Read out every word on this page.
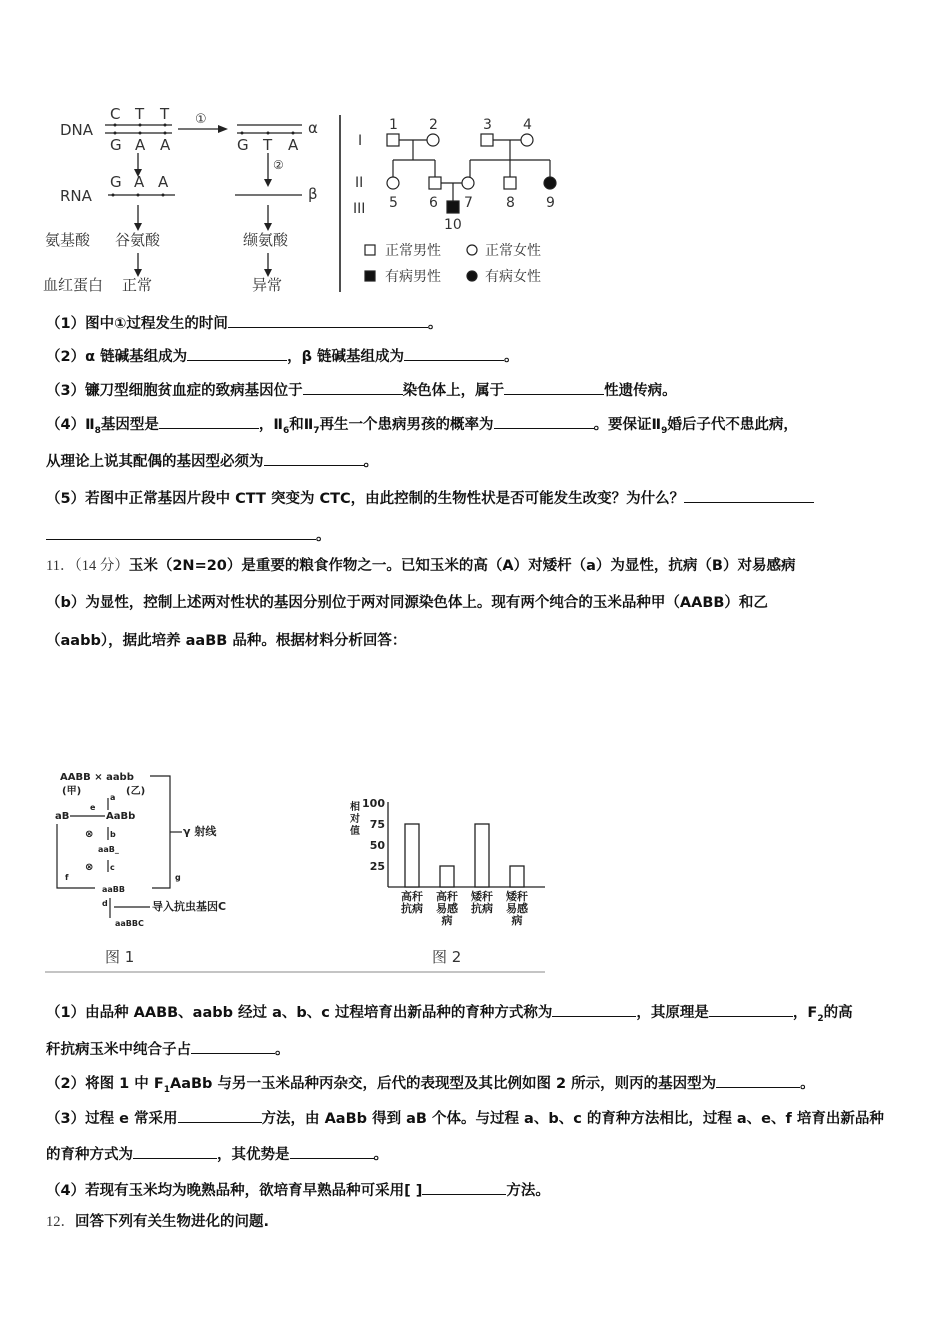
DNA
RNA
C T T
G A A
G A A
G T A
①
②
α
β
氨基酸 谷氨酸	缬氨酸
血红蛋白 正常	异常
I
II
III
1 2	3 4
5 6 7 8 9
10
正常男性	正常女性
有病男性	有病女性
（1）图中①过程发生的时间	。
（2）α 链碱基组成为	，β 链碱基组成为	。
（3）镰刀型细胞贫血症的致病基因位于	染色体上，属于	性遗传病。
$(4)Ⅱ_8$基因型是	，$Ⅱ_6$和$Ⅱ_7$再生一个患病男孩的概率为	。要保证$Ⅱ_9$婚后子代不患此病，
从理论上说其配偶的基因型必须为	。
（5）若图中正常基因片段中 CTT 突变为 CTC，由此控制的生物性状是否可能发生改变？为什么？
。
11．（14 分）玉米（2N=20）是重要的粮食作物之一。已知玉米的高（A）对矮杆（a）为显性，抗病（B）对易感病
（b）为显性，控制上述两对性状的基因分别位于两对同源染色体上。现有两个纯合的玉米品种甲（AABB）和乙
（aabb），据此培养 aaBB 品种。根据材料分析回答：
AABB × aabb
(甲)	(乙)
a
AaBb
aB
e
⊗ b
aaB_
⊗ c
f	g
aaBB
d	导入抗虫基因C
aaBBC
γ 射线
图 1
相对值
25
50
75
100
高秆
抗病
高秆
易感
病
矮秆
抗病
矮秆
易感
病
图 2
（1）由品种 AABB、aabb 经过 a、b、c 过程培育出新品种的育种方式称为	，其原理是	，$F_2$的高
秆抗病玉米中纯合子占	。
（2）将图 1 中 $F_1AaBb$ 与另一玉米品种丙杂交，后代的表现型及其比例如图 2 所示，则丙的基因型为	。
（3）过程 e 常采用	方法，由 AaBb 得到 aB 个体。与过程 a、b、c 的育种方法相比，过程 a、e、f 培育出新品种
的育种方式为	，其优势是	。
（4）若现有玉米均为晚熟品种，欲培育早熟品种可采用[ ]	方法。
12．回答下列有关生物进化的问题.
